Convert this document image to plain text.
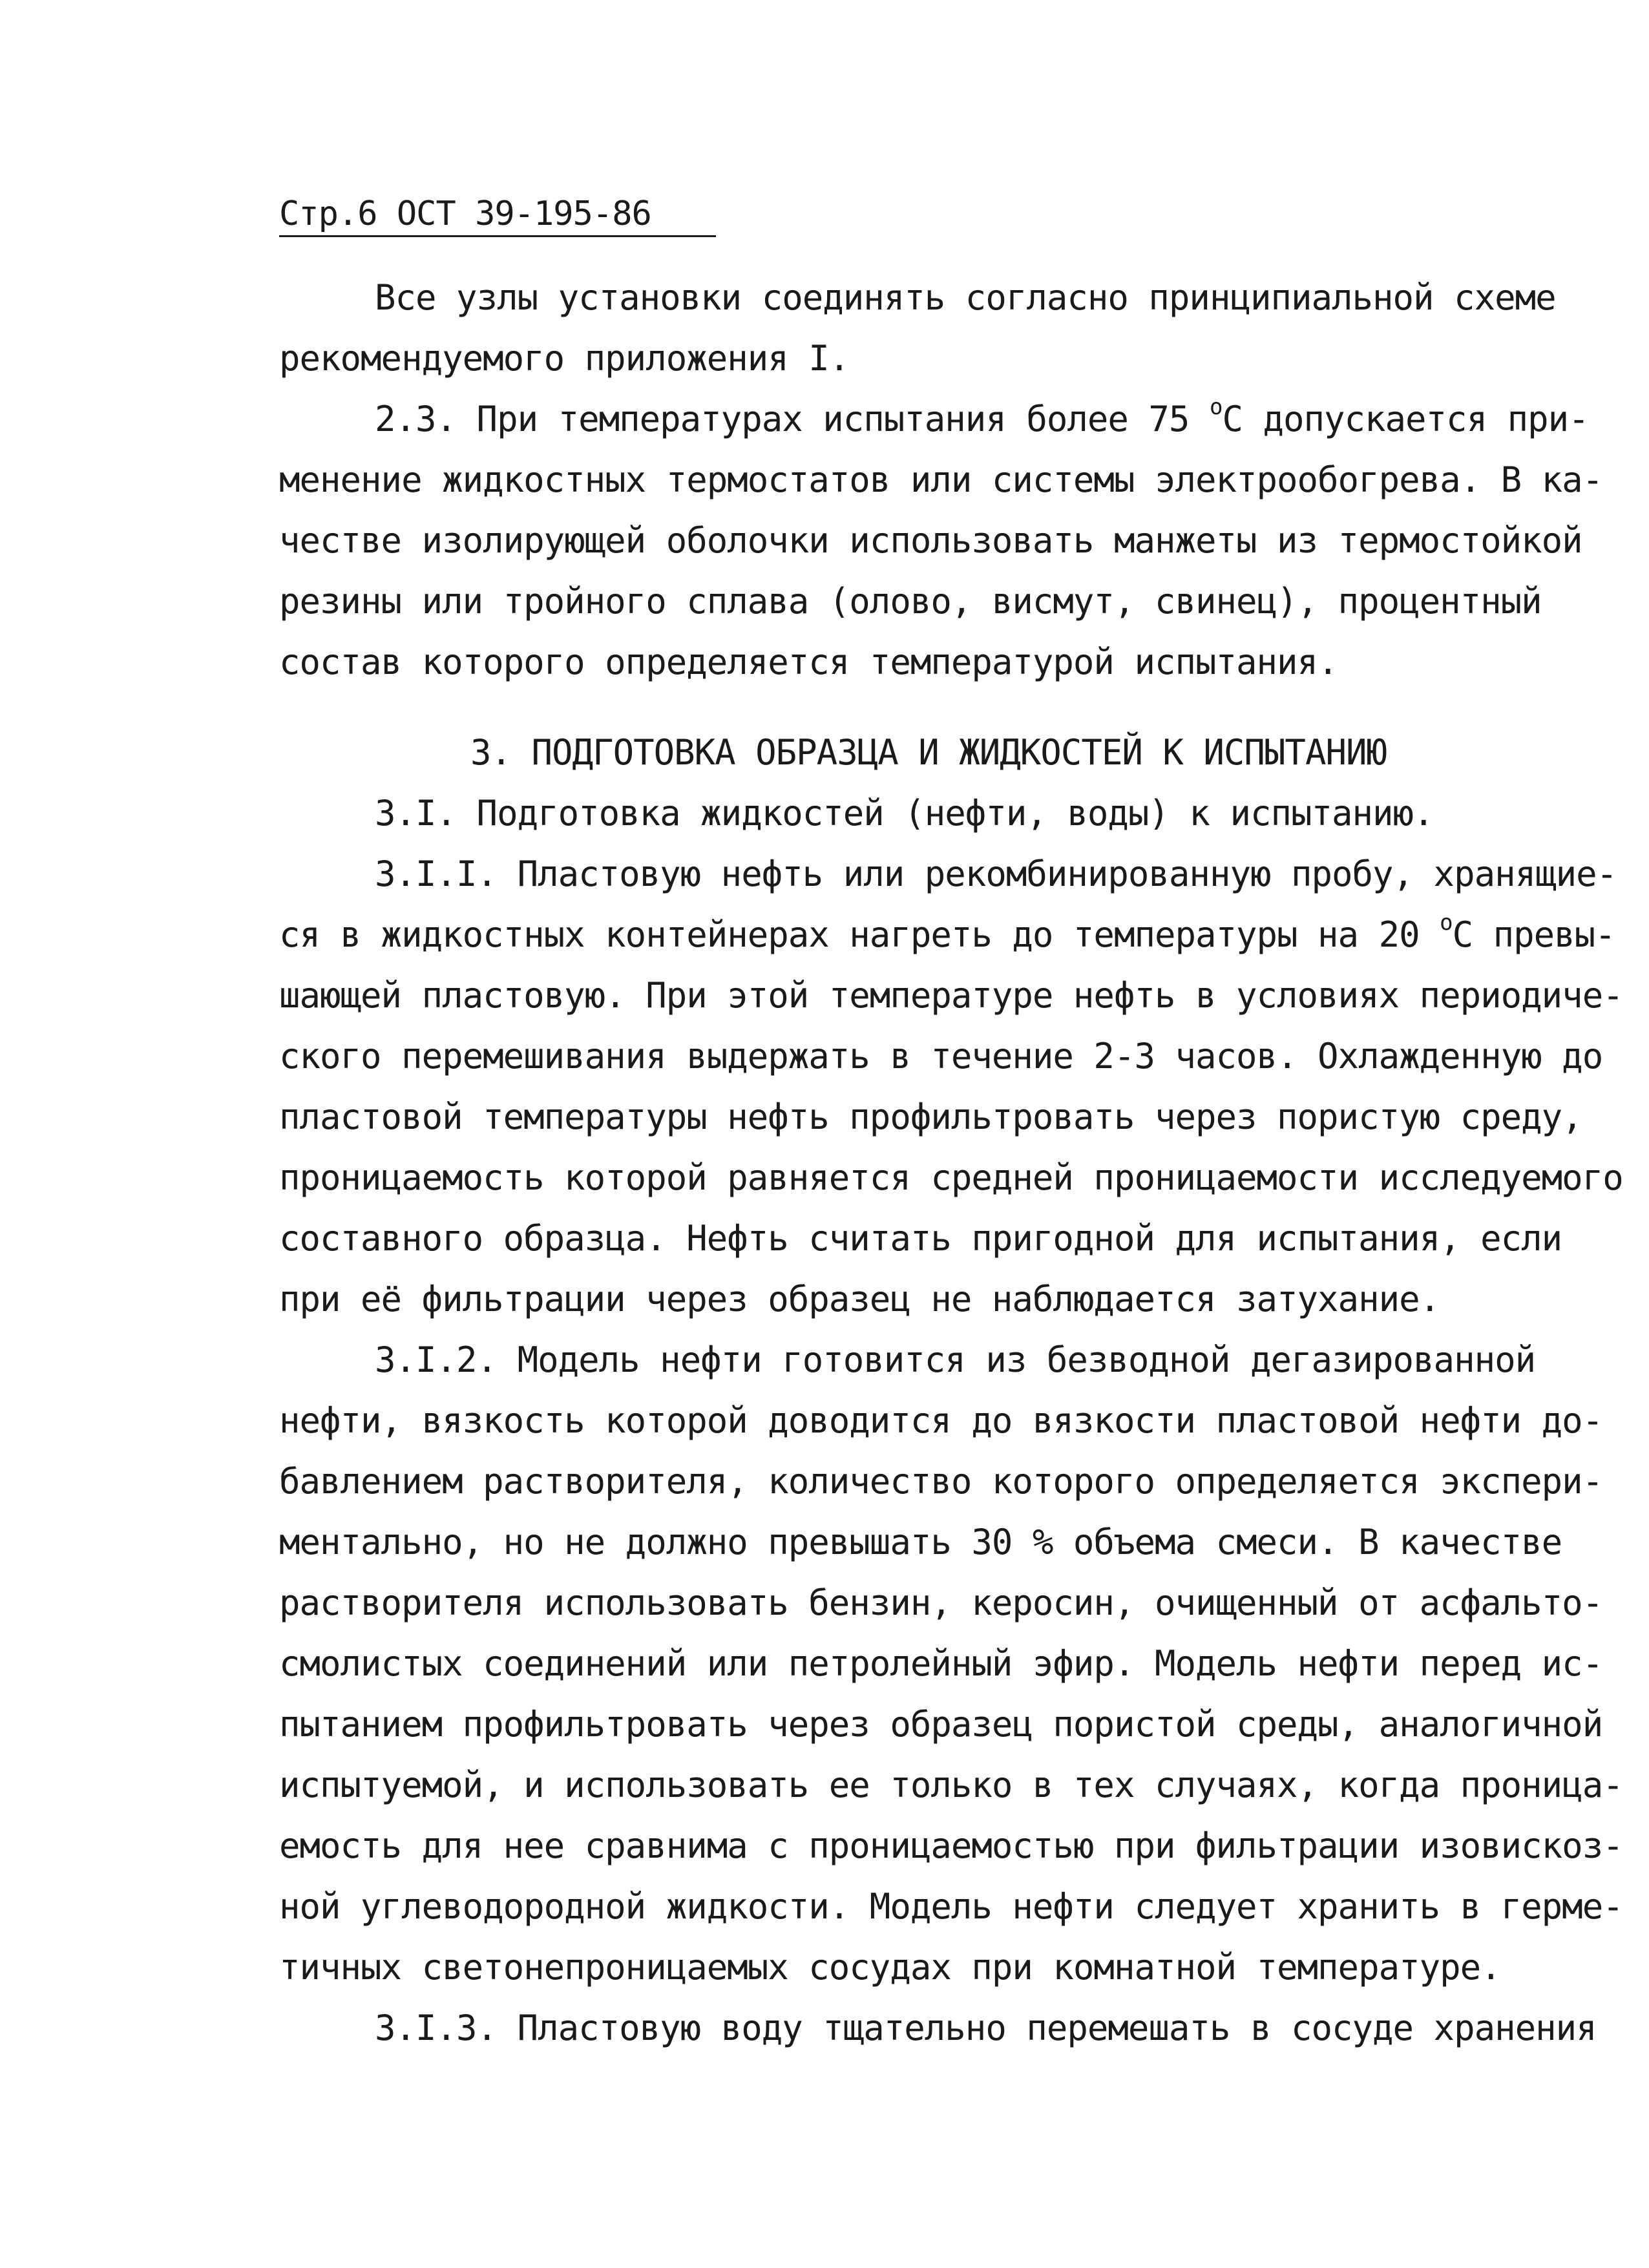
Стр.6 ОСТ 39-195-86
Все узлы установки соединять согласно принципиальной схеме
рекомендуемого приложения I.
2.3. При температурах испытания более 75 $^o$C допускается при-
менение жидкостных термостатов или системы электрообогрева. В ка-
честве изолирующей оболочки использовать манжеты из термостойкой
резины или тройного сплава (олово, висмут, свинец), процентный
состав которого определяется температурой испытания.
3. ПОДГОТОВКА ОБРАЗЦА И ЖИДКОСТЕЙ К ИСПЫТАНИЮ
3.I. Подготовка жидкостей (нефти, воды) к испытанию.
3.I.I. Пластовую нефть или рекомбинированную пробу, хранящие-
ся в жидкостных контейнерах нагреть до температуры на 20 $^o$C превы-
шающей пластовую. При этой температуре нефть в условиях периодиче-
ского перемешивания выдержать в течение 2-3 часов. Охлажденную до
пластовой температуры нефть профильтровать через пористую среду,
проницаемость которой равняется средней проницаемости исследуемого
составного образца. Нефть считать пригодной для испытания, если
при её фильтрации через образец не наблюдается затухание.
3.I.2. Модель нефти готовится из безводной дегазированной
нефти, вязкость которой доводится до вязкости пластовой нефти до-
бавлением растворителя, количество которого определяется экспери-
ментально, но не должно превышать 30 % объема смеси. В качестве
растворителя использовать бензин, керосин, очищенный от асфальто-
смолистых соединений или петролейный эфир. Модель нефти перед ис-
пытанием профильтровать через образец пористой среды, аналогичной
испытуемой, и использовать ее только в тех случаях, когда проница-
емость для нее сравнима с проницаемостью при фильтрации изовискоз-
ной углеводородной жидкости. Модель нефти следует хранить в герме-
тичных светонепроницаемых сосудах при комнатной температуре.
3.I.3. Пластовую воду тщательно перемешать в сосуде хранения
